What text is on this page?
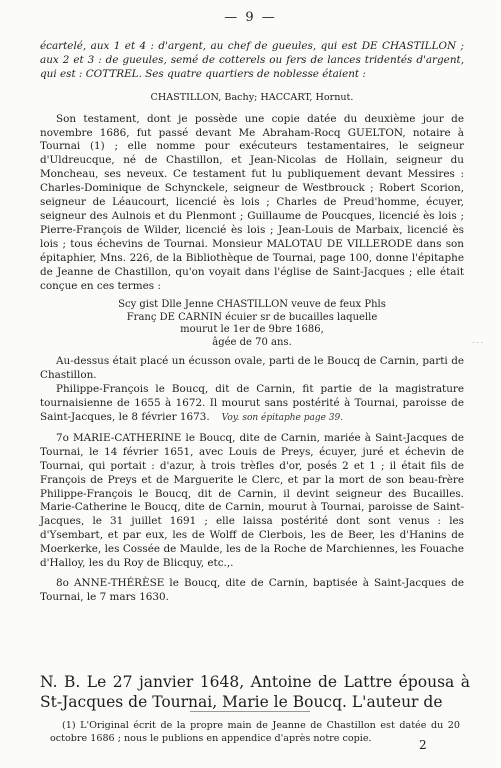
— 9 —

écartelé, aux 1 et 4 : d'argent, au chef de gueules, qui est DE CHASTILLON ; aux 2 et 3 : de gueules, semé de cotterels ou fers de lances tridentés d'argent, qui est : COTTREL. Ses quatre quartiers de noblesse étaient :

CHASTILLON, Bachy; HACCART, Hornut.

Son testament, dont je possède une copie datée du deuxième jour de novembre 1686, fut passé devant Me Abraham-Rocq GUELTON, notaire à Tournai (1) ; elle nomme pour exécuteurs testamentaires, le seigneur d'Uldreucque, né de Chastillon, et Jean-Nicolas de Hollain, seigneur du Moncheau, ses neveux. Ce testament fut lu publiquement devant Messires : Charles-Dominique de Schynckele, seigneur de Westbrouck ; Robert Scorion, seigneur de Léaucourt, licencié ès lois ; Charles de Preud'homme, écuyer, seigneur des Aulnois et du Plenmont ; Guillaume de Poucques, licencié ès lois ; Pierre-François de Wilder, licencié ès lois ; Jean-Louis de Marbaix, licencié ès lois ; tous échevins de Tournai. Monsieur MALOTAU DE VILLERODE dans son épitaphier, Mns. 226, de la Bibliothèque de Tournai, page 100, donne l'épitaphe de Jeanne de Chastillon, qu'on voyait dans l'église de Saint-Jacques ; elle était conçue en ces termes :

Scy gist Dlle Jenne CHASTILLON veuve de feux Phls
Franç DE CARNIN écuier sr de bucailles laquelle
mourut le 1er de 9bre 1686,
âgée de 70 ans.

Au-dessus était placé un écusson ovale, parti de le Boucq de Carnin, parti de Chastillon.

Philippe-François le Boucq, dit de Carnin, fit partie de la magistrature tournaisienne de 1655 à 1672. Il mourut sans postérité à Tournai, paroisse de Saint-Jacques, le 8 février 1673. Voy. son épitaphe page 39.

7o MARIE-CATHERINE le Boucq, dite de Carnin, mariée à Saint-Jacques de Tournai, le 14 février 1651, avec Louis de Preys, écuyer, juré et échevin de Tournai, qui portait : d'azur, à trois trèfles d'or, posés 2 et 1 ; il était fils de François de Preys et de Marguerite le Clerc, et par la mort de son beau-frère Philippe-François le Boucq, dit de Carnin, il devint seigneur des Bucailles. Marie-Catherine le Boucq, dite de Carnin, mourut à Tournai, paroisse de Saint-Jacques, le 31 juillet 1691 ; elle laissa postérité dont sont venus : les d'Ysembart, et par eux, les de Wolff de Clerbois, les de Beer, les d'Hanins de Moerkerke, les Cossée de Maulde, les de la Roche de Marchiennes, les Fouache d'Halloy, les du Roy de Blicquy, etc.,.

8o ANNE-THÉRÈSE le Boucq, dite de Carnin, baptisée à Saint-Jacques de Tournai, le 7 mars 1630.

· · ·
N. B. Le 27 janvier 1648, Antoine de Lattre épousa à St-Jacques de Tournai, Marie le Boucq. L'auteur de
(1) L'Original écrit de la propre main de Jeanne de Chastillon est datée du 20 octobre 1686 ; nous le publions en appendice d'après notre copie.	2
